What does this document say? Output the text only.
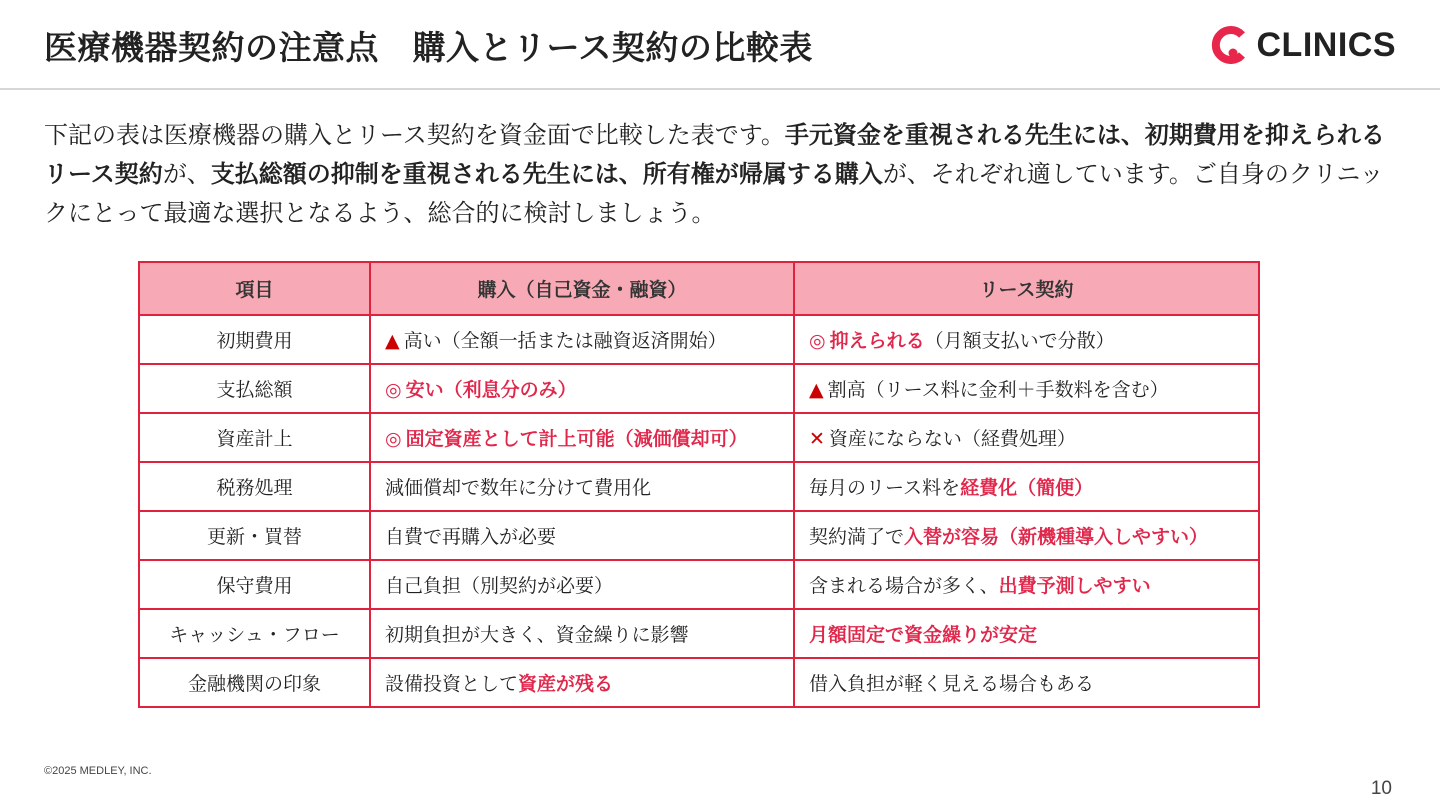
医療機器契約の注意点　購入とリース契約の比較表	CLINICS
下記の表は医療機器の購入とリース契約を資金面で比較した表です。手元資金を重視される先生には、初期費用を抑えられるリース契約が、支払総額の抑制を重視される先生には、所有権が帰属する購入が、それぞれ適しています。ご自身のクリニックにとって最適な選択となるよう、総合的に検討しましょう。
項目	購入（自己資金・融資）	リース契約
初期費用	▲ 高い（全額一括または融資返済開始）	◎ 抑えられる（月額支払いで分散）
支払総額	◎ 安い（利息分のみ）	▲ 割高（リース料に金利＋手数料を含む）
資産計上	◎ 固定資産として計上可能（減価償却可）	✕ 資産にならない（経費処理）
税務処理	減価償却で数年に分けて費用化	毎月のリース料を経費化（簡便）
更新・買替	自費で再購入が必要	契約満了で入替が容易（新機種導入しやすい）
保守費用	自己負担（別契約が必要）	含まれる場合が多く、出費予測しやすい
キャッシュ・フロー	初期負担が大きく、資金繰りに影響	月額固定で資金繰りが安定
金融機関の印象	設備投資として資産が残る	借入負担が軽く見える場合もある
©2025 MEDLEY, INC.
10
